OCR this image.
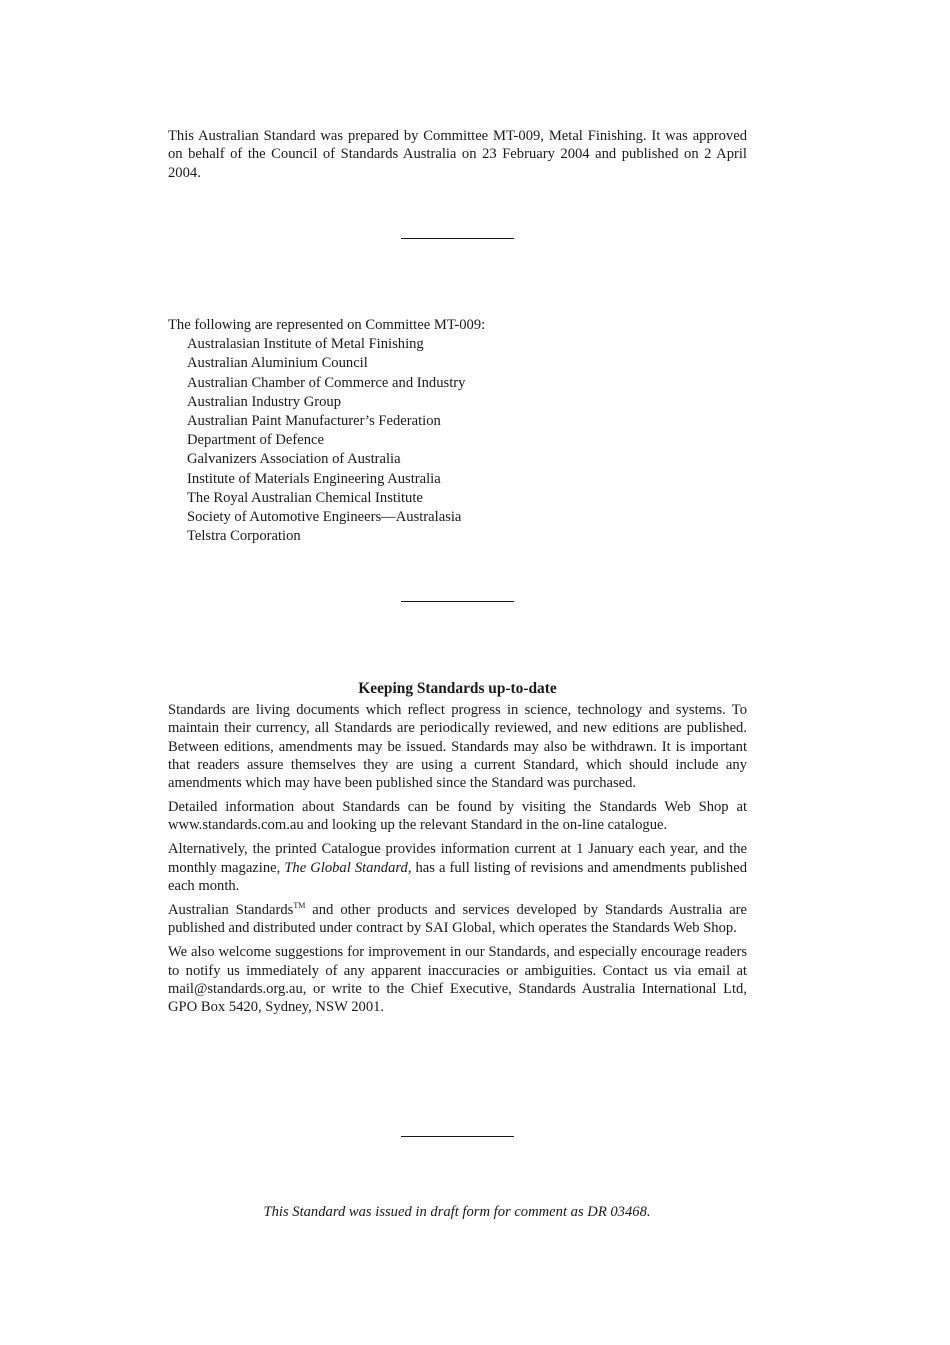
This Australian Standard was prepared by Committee MT-009, Metal Finishing. It was approved on behalf of the Council of Standards Australia on 23 February 2004 and published on 2 April 2004.

The following are represented on Committee MT-009:

Australasian Institute of Metal Finishing
Australian Aluminium Council
Australian Chamber of Commerce and Industry
Australian Industry Group
Australian Paint Manufacturer’s Federation
Department of Defence
Galvanizers Association of Australia
Institute of Materials Engineering Australia
The Royal Australian Chemical Institute
Society of Automotive Engineers—Australasia
Telstra Corporation
Keeping Standards up-to-date

Standards are living documents which reflect progress in science, technology and systems. To maintain their currency, all Standards are periodically reviewed, and new editions are published. Between editions, amendments may be issued. Standards may also be withdrawn. It is important that readers assure themselves they are using a current Standard, which should include any amendments which may have been published since the Standard was purchased.

Detailed information about Standards can be found by visiting the Standards Web Shop at www.standards.com.au and looking up the relevant Standard in the on-line catalogue.

Alternatively, the printed Catalogue provides information current at 1 January each year, and the monthly magazine, The Global Standard, has a full listing of revisions and amendments published each month.

Australian Standards™ and other products and services developed by Standards Australia are published and distributed under contract by SAI Global, which operates the Standards Web Shop.

We also welcome suggestions for improvement in our Standards, and especially encourage readers to notify us immediately of any apparent inaccuracies or ambiguities. Contact us via email at mail@standards.org.au, or write to the Chief Executive, Standards Australia International Ltd, GPO Box 5420, Sydney, NSW 2001.

This Standard was issued in draft form for comment as DR 03468.
